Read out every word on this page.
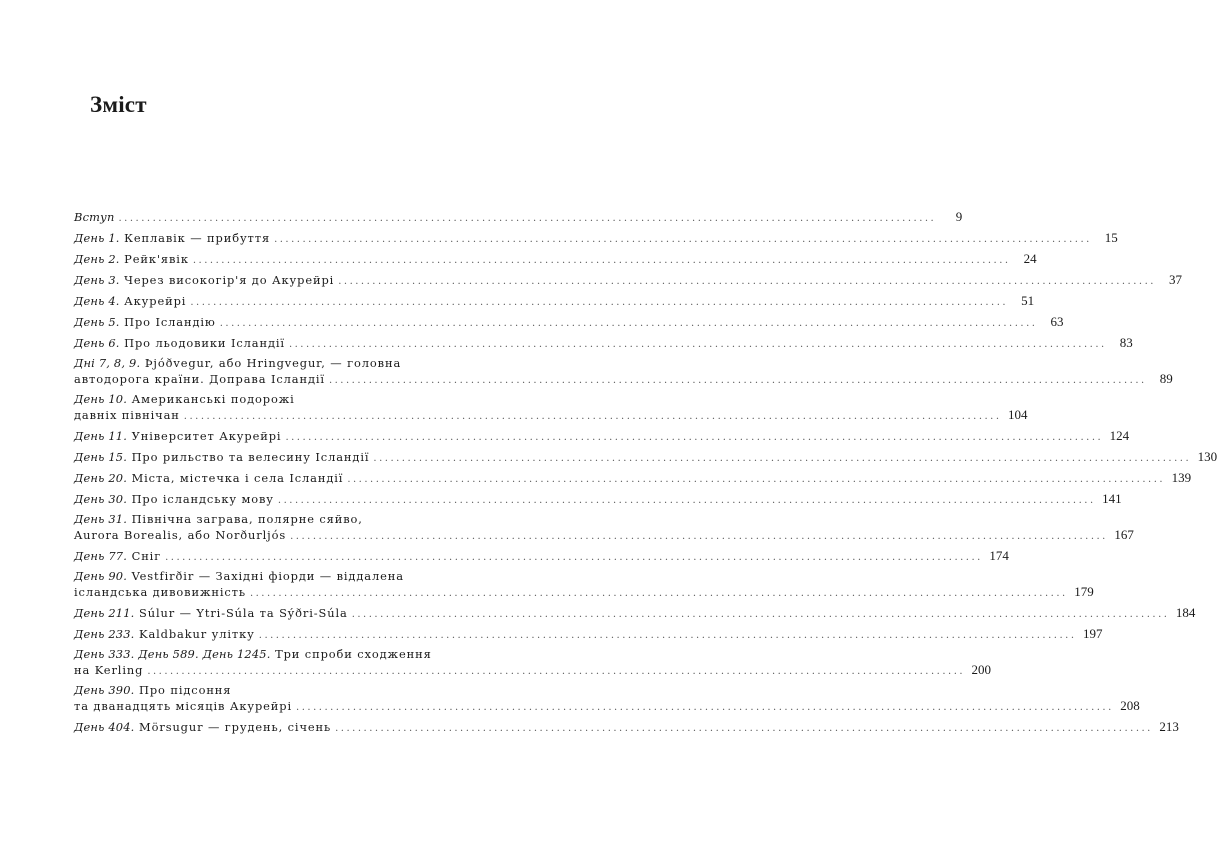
Зміст
Вступ .....	9
День 1. Кеплавік — прибуття .....	15
День 2. Рейк'явік .....	24
День 3. Через високогір'я до Акурейрі .....	37
День 4. Акурейрі .....	51
День 5. Про Ісландію .....	63
День 6. Про льодовики Ісландії .....	83
Дні 7, 8, 9. Þjóðvegur, або Hringvegur, — головна
автодорога країни. Доправа Ісландії .....	89
День 10. Американські подорожі
давніх північан .....	104
День 11. Університет Акурейрі .....	124
День 15. Про рильство та велесину Ісландії .....	130
День 20. Міста, містечка і села Ісландії .....	139
День 30. Про ісландську мову .....	141
День 31. Північна заграва, полярне сяйво,
Aurora Borealis, або Norðurljós .....	167
День 77. Сніг .....	174
День 90. Vestfirðir — Західні фіорди — віддалена
ісландська дивовижність .....	179
День 211. Súlur — Ytri-Súla та Sýðri-Súla .....	184
День 233. Kaldbakur улітку .....	197
День 333. День 589. День 1245. Три спроби сходження
на Kerling .....	200
День 390. Про підсоння
та дванадцять місяців Акурейрі .....	208
День 404. Mörsugur — грудень, січень .....	213
